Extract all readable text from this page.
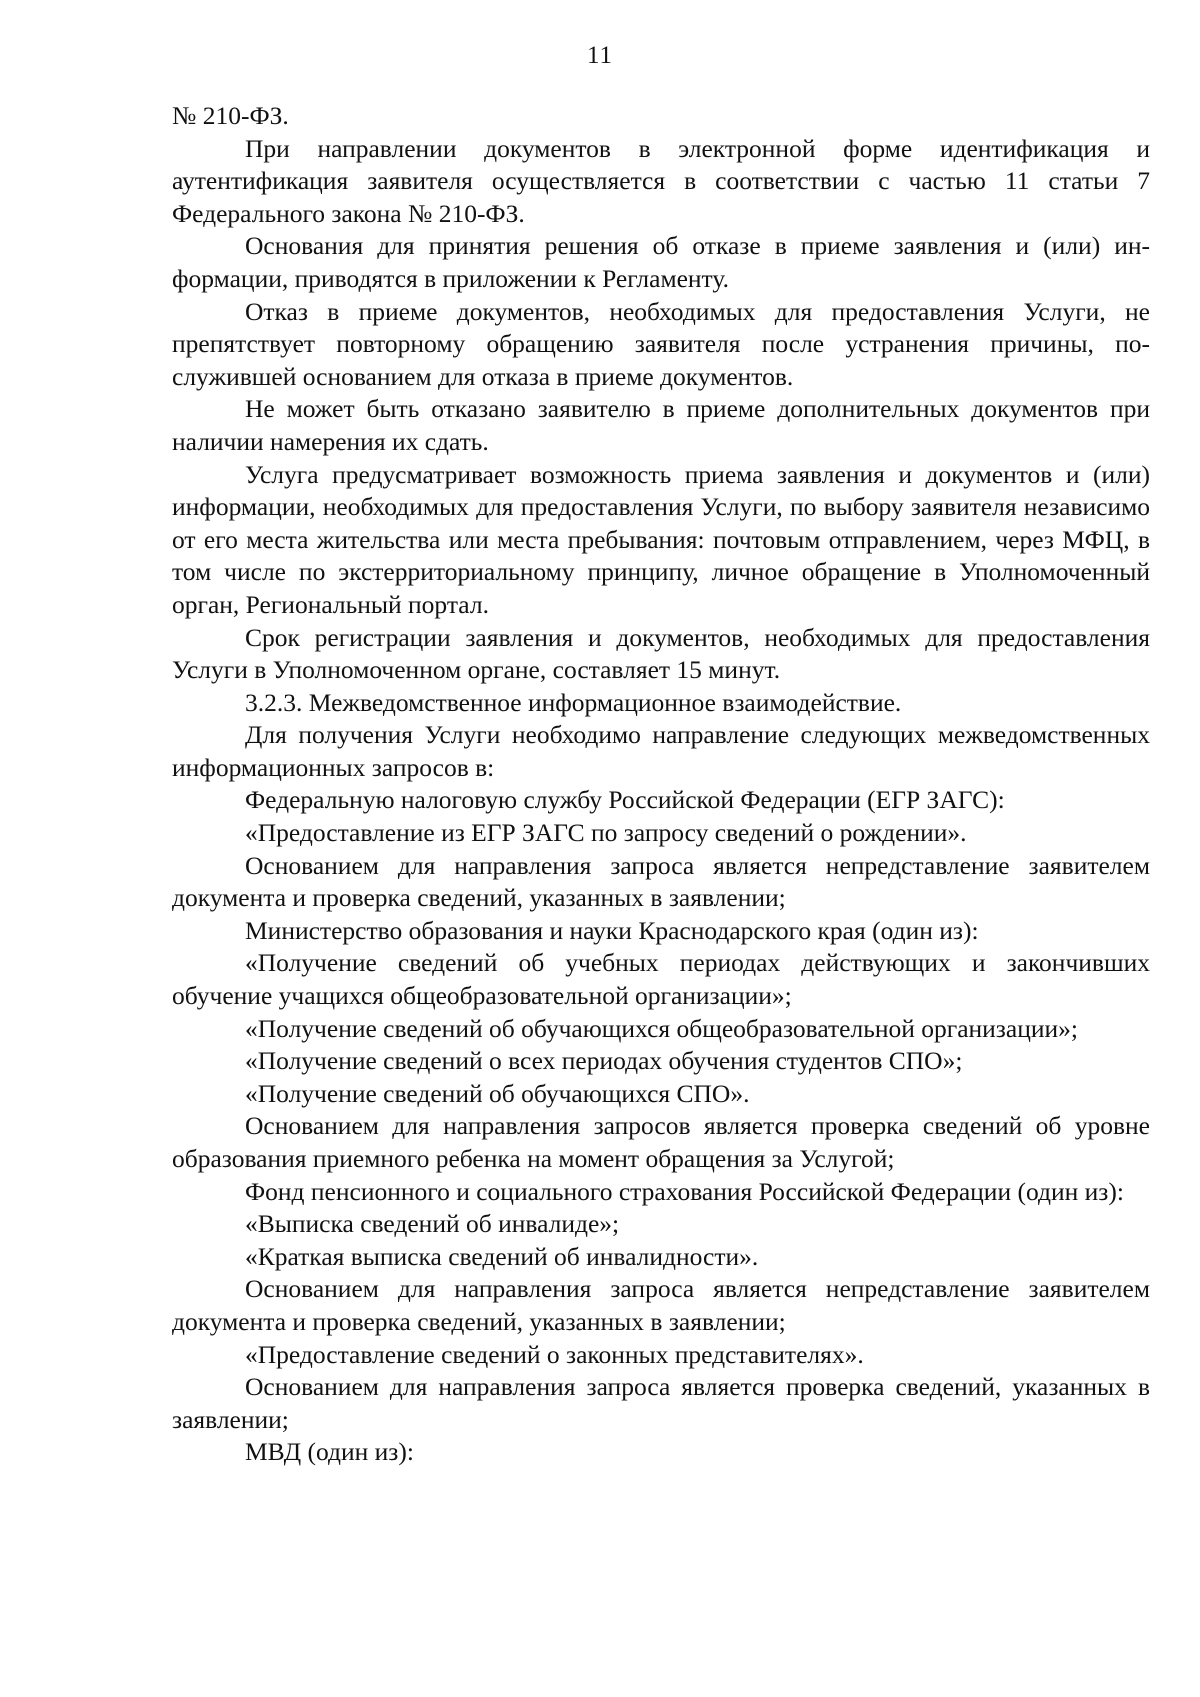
11

№ 210-ФЗ.

При направлении документов в электронной форме идентификация и аутентификация заявителя осуществляется в соответствии с частью 11 статьи 7 Федерального закона № 210-ФЗ.

Основания для принятия решения об отказе в приеме заявления и (или) информации, приводятся в приложении к Регламенту.

Отказ в приеме документов, необходимых для предоставления Услуги, не препятствует повторному обращению заявителя после устранения причины, послужившей основанием для отказа в приеме документов.

Не может быть отказано заявителю в приеме дополнительных документов при наличии намерения их сдать.

Услуга предусматривает возможность приема заявления и документов и (или) информации, необходимых для предоставления Услуги, по выбору заявителя независимо от его места жительства или места пребывания: почтовым отправлением, через МФЦ, в том числе по экстерриториальному принципу, личное обращение в Уполномоченный орган, Региональный портал.

Срок регистрации заявления и документов, необходимых для предоставления Услуги в Уполномоченном органе, составляет 15 минут.

3.2.3. Межведомственное информационное взаимодействие.

Для получения Услуги необходимо направление следующих межведомственных информационных запросов в:

Федеральную налоговую службу Российской Федерации (ЕГР ЗАГС):

«Предоставление из ЕГР ЗАГС по запросу сведений о рождении».

Основанием для направления запроса является непредставление заявителем документа и проверка сведений, указанных в заявлении;

Министерство образования и науки Краснодарского края (один из):

«Получение сведений об учебных периодах действующих и закончивших обучение учащихся общеобразовательной организации»;

«Получение сведений об обучающихся общеобразовательной организации»;

«Получение сведений о всех периодах обучения студентов СПО»;

«Получение сведений об обучающихся СПО».

Основанием для направления запросов является проверка сведений об уровне образования приемного ребенка на момент обращения за Услугой;

Фонд пенсионного и социального страхования Российской Федерации (один из):

«Выписка сведений об инвалиде»;

«Краткая выписка сведений об инвалидности».

Основанием для направления запроса является непредставление заявителем документа и проверка сведений, указанных в заявлении;

«Предоставление сведений о законных представителях».

Основанием для направления запроса является проверка сведений, указанных в заявлении;

МВД (один из):
